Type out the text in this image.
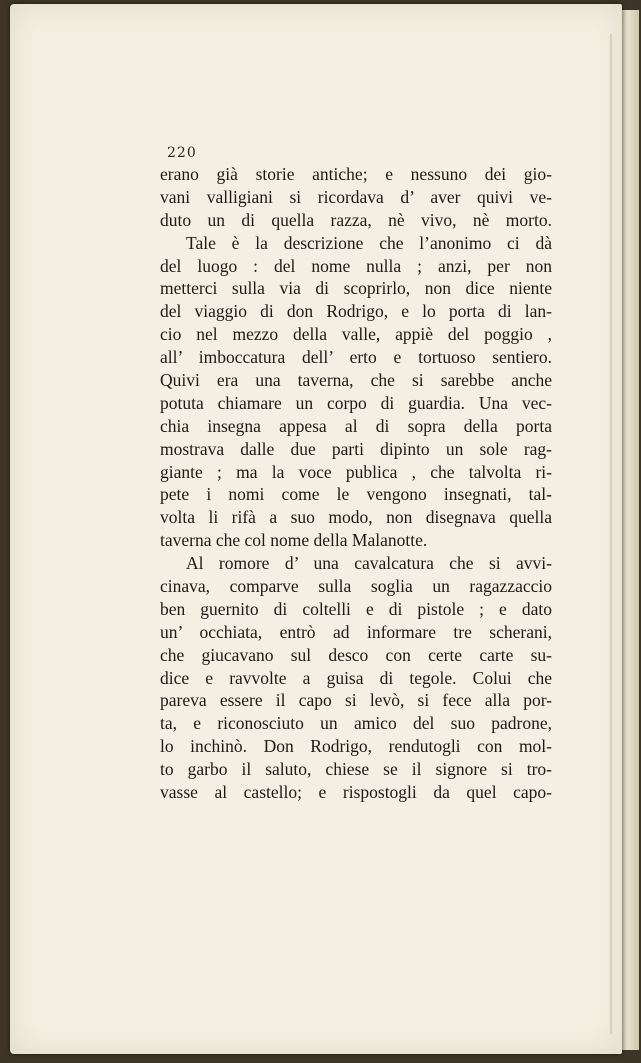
220
erano già storie antiche; e nessuno dei gio-
vani valligiani si ricordava d’ aver quivi ve-
duto un di quella razza, nè vivo, nè morto.
Tale è la descrizione che l’anonimo ci dà
del luogo : del nome nulla ; anzi, per non
metterci sulla via di scoprirlo, non dice niente
del viaggio di don Rodrigo, e lo porta di lan-
cio nel mezzo della valle, appiè del poggio ,
all’ imboccatura dell’ erto e tortuoso sentiero.
Quivi era una taverna, che si sarebbe anche
potuta chiamare un corpo di guardia. Una vec-
chia insegna appesa al di sopra della porta
mostrava dalle due parti dipinto un sole rag-
giante ; ma la voce publica , che talvolta ri-
pete i nomi come le vengono insegnati, tal-
volta li rifà a suo modo, non disegnava quella
taverna che col nome della Malanotte.
Al romore d’ una cavalcatura che si avvi-
cinava, comparve sulla soglia un ragazzaccio
ben guernito di coltelli e di pistole ; e dato
un’ occhiata, entrò ad informare tre scherani,
che giucavano sul desco con certe carte su-
dice e ravvolte a guisa di tegole. Colui che
pareva essere il capo si levò, si fece alla por-
ta, e riconosciuto un amico del suo padrone,
lo inchinò. Don Rodrigo, rendutogli con mol-
to garbo il saluto, chiese se il signore si tro-
vasse al castello; e rispostogli da quel capo-
